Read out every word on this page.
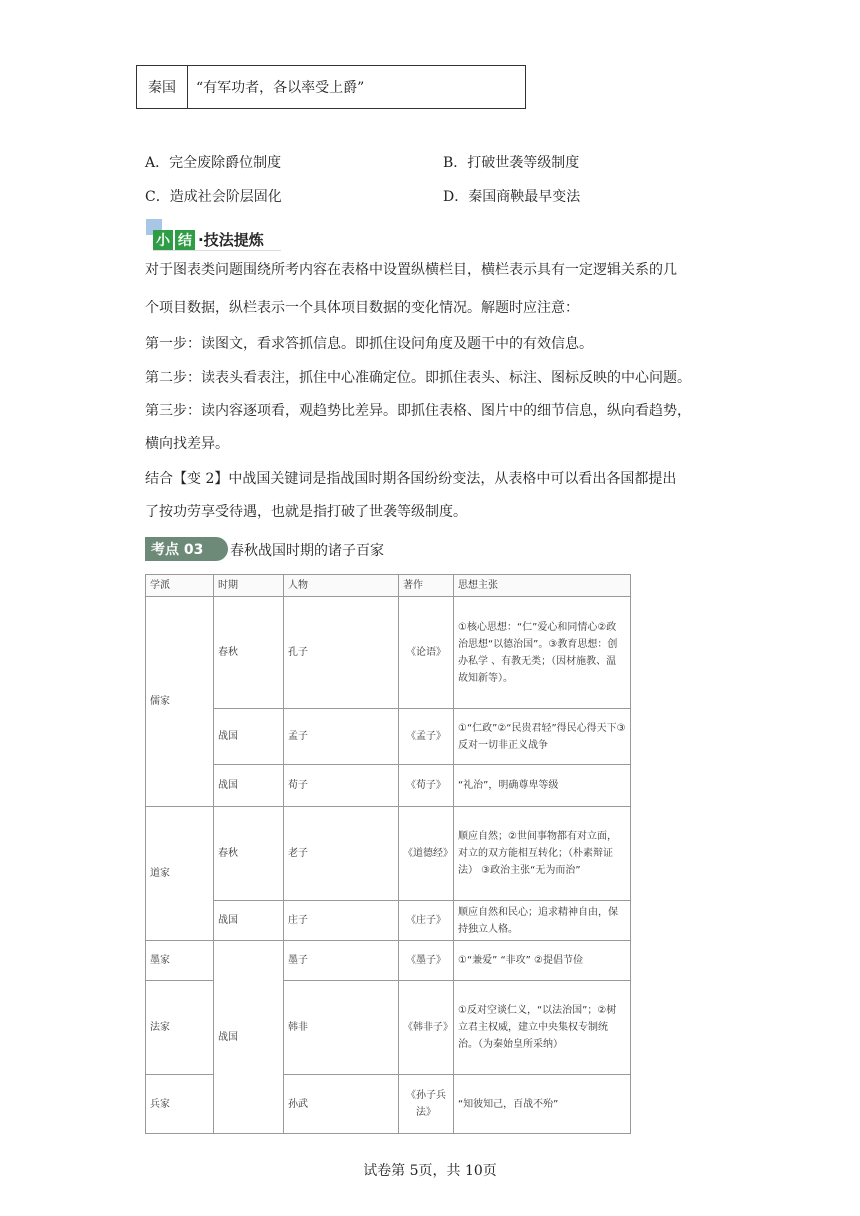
秦国	“有军功者，各以率受上爵”
A．完全废除爵位制度	B．打破世袭等级制度
C．造成社会阶层固化	D．秦国商鞅最早变法
小 结 ·技法提炼
对于图表类问题围绕所考内容在表格中设置纵横栏目，横栏表示具有一定逻辑关系的几
个项目数据，纵栏表示一个具体项目数据的变化情况。解题时应注意：
第一步：读图文，看求答抓信息。即抓住设问角度及题干中的有效信息。
第二步：读表头看表注，抓住中心准确定位。即抓住表头、标注、图标反映的中心问题。
第三步：读内容逐项看，观趋势比差异。即抓住表格、图片中的细节信息，纵向看趋势，
横向找差异。
结合【变 2】中战国关键词是指战国时期各国纷纷变法，从表格中可以看出各国都提出
了按功劳享受待遇，也就是指打破了世袭等级制度。
考点 03	春秋战国时期的诸子百家
学派	时期	人物	著作	思想主张
儒家	春秋	孔子	《论语》	①核心思想：“仁”爱心和同情心②政治思想“以德治国”。③教育思想：创办私学 、有教无类；（因材施教、温故知新等）。
	战国	孟子	《孟子》	①“仁政”②“民贵君轻”得民心得天下③反对一切非正义战争
	战国	荀子	《荀子》	“礼治”，明确尊卑等级
道家	春秋	老子	《道德经》	顺应自然；②世间事物都有对立面，对立的双方能相互转化；（朴素辩证法） ③政治主张“无为而治”
	战国	庄子	《庄子》	顺应自然和民心；追求精神自由，保持独立人格。
墨家	战国	墨子	《墨子》	①“兼爱” “非攻” ②提倡节俭
法家		韩非	《韩非子》	①反对空谈仁义，“以法治国”；②树立君主权威，建立中央集权专制统治。（为秦始皇所采纳）
兵家		孙武	《孙子兵法》	“知彼知己，百战不殆”
试卷第 5页，共 10页
